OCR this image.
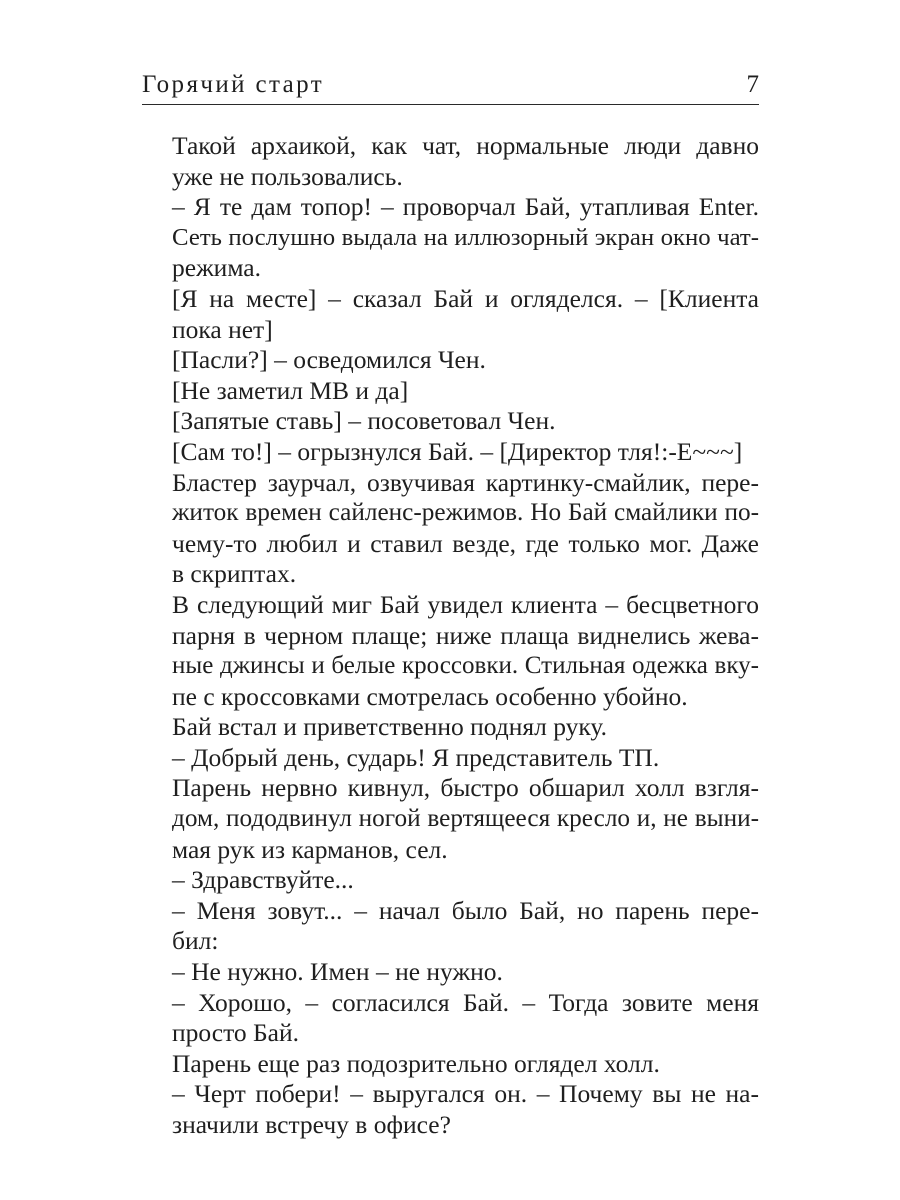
Горячий старт	7
Такой архаикой, как чат, нормальные люди давно
уже не пользовались.
– Я те дам топор! – проворчал Бай, утапливая Enter.
Сеть послушно выдала на иллюзорный экран окно чат-
режима.
[Я на месте] – сказал Бай и огляделся. – [Клиента
пока нет]
[Пасли?] – осведомился Чен.
[Не заметил МВ и да]
[Запятые ставь] – посоветовал Чен.
[Сам то!] – огрызнулся Бай. – [Директор тля!:-E~~~]
Бластер заурчал, озвучивая картинку-смайлик, пере-
житок времен сайленс-режимов. Но Бай смайлики по-
чему-то любил и ставил везде, где только мог. Даже
в скриптах.
В следующий миг Бай увидел клиента – бесцветного
парня в черном плаще; ниже плаща виднелись жева-
ные джинсы и белые кроссовки. Стильная одежка вку-
пе с кроссовками смотрелась особенно убойно.
Бай встал и приветственно поднял руку.
– Добрый день, сударь! Я представитель ТП.
Парень нервно кивнул, быстро обшарил холл взгля-
дом, пододвинул ногой вертящееся кресло и, не выни-
мая рук из карманов, сел.
– Здравствуйте...
– Меня зовут... – начал было Бай, но парень пере-
бил:
– Не нужно. Имен – не нужно.
– Хорошо, – согласился Бай. – Тогда зовите меня
просто Бай.
Парень еще раз подозрительно оглядел холл.
– Черт побери! – выругался он. – Почему вы не на-
значили встречу в офисе?
